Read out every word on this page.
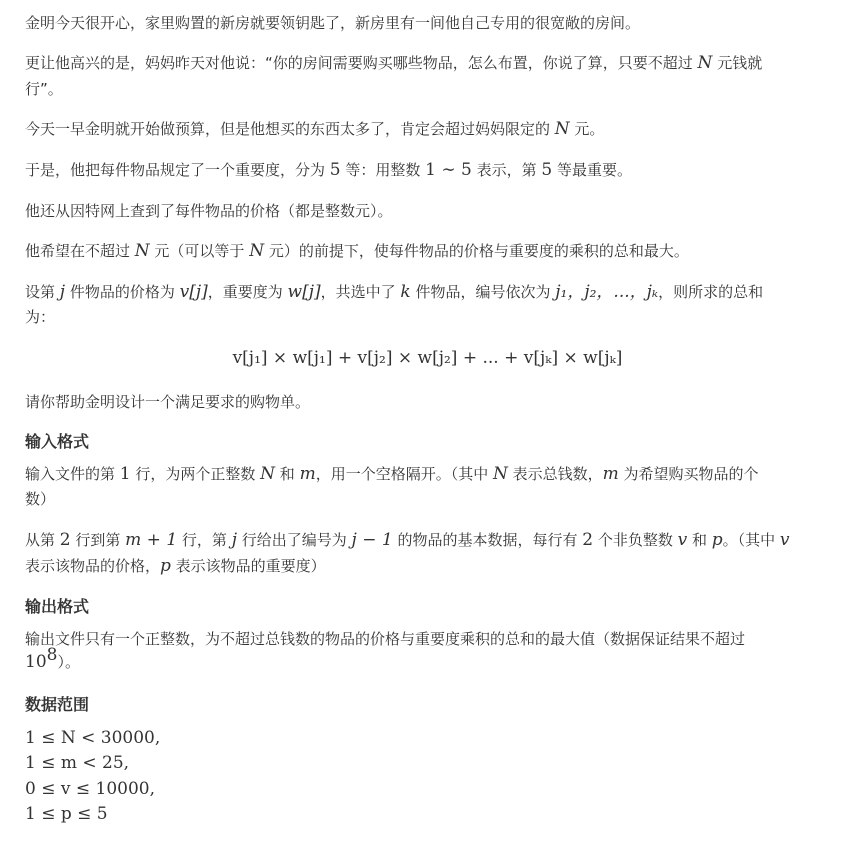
金明今天很开心，家里购置的新房就要领钥匙了，新房里有一间他自己专用的很宽敞的房间。
更让他高兴的是，妈妈昨天对他说：“你的房间需要购买哪些物品，怎么布置，你说了算，只要不超过 N 元钱就
行”。
今天一早金明就开始做预算，但是他想买的东西太多了，肯定会超过妈妈限定的 N 元。
于是，他把每件物品规定了一个重要度，分为 5 等：用整数 1 ∼ 5 表示，第 5 等最重要。
他还从因特网上查到了每件物品的价格（都是整数元）。
他希望在不超过 N 元（可以等于 N 元）的前提下，使每件物品的价格与重要度的乘积的总和最大。
设第 j 件物品的价格为 v[j]，重要度为 w[j]，共选中了 k 件物品，编号依次为 j₁，j₂，...，jₖ，则所求的总和
为：
v[j₁] × w[j₁] + v[j₂] × w[j₂] + ... + v[jₖ] × w[jₖ]
请你帮助金明设计一个满足要求的购物单。
输入格式
输入文件的第 1 行，为两个正整数 N 和 m，用一个空格隔开。（其中 N 表示总钱数，m 为希望购买物品的个
数）
从第 2 行到第 m + 1 行，第 j 行给出了编号为 j − 1 的物品的基本数据，每行有 2 个非负整数 v 和 p。（其中 v
表示该物品的价格，p 表示该物品的重要度）
输出格式
输出文件只有一个正整数，为不超过总钱数的物品的价格与重要度乘积的总和的最大值（数据保证结果不超过
$10^8$）。
数据范围
1 ≤ N < 30000,
1 ≤ m < 25,
0 ≤ v ≤ 10000,
1 ≤ p ≤ 5
